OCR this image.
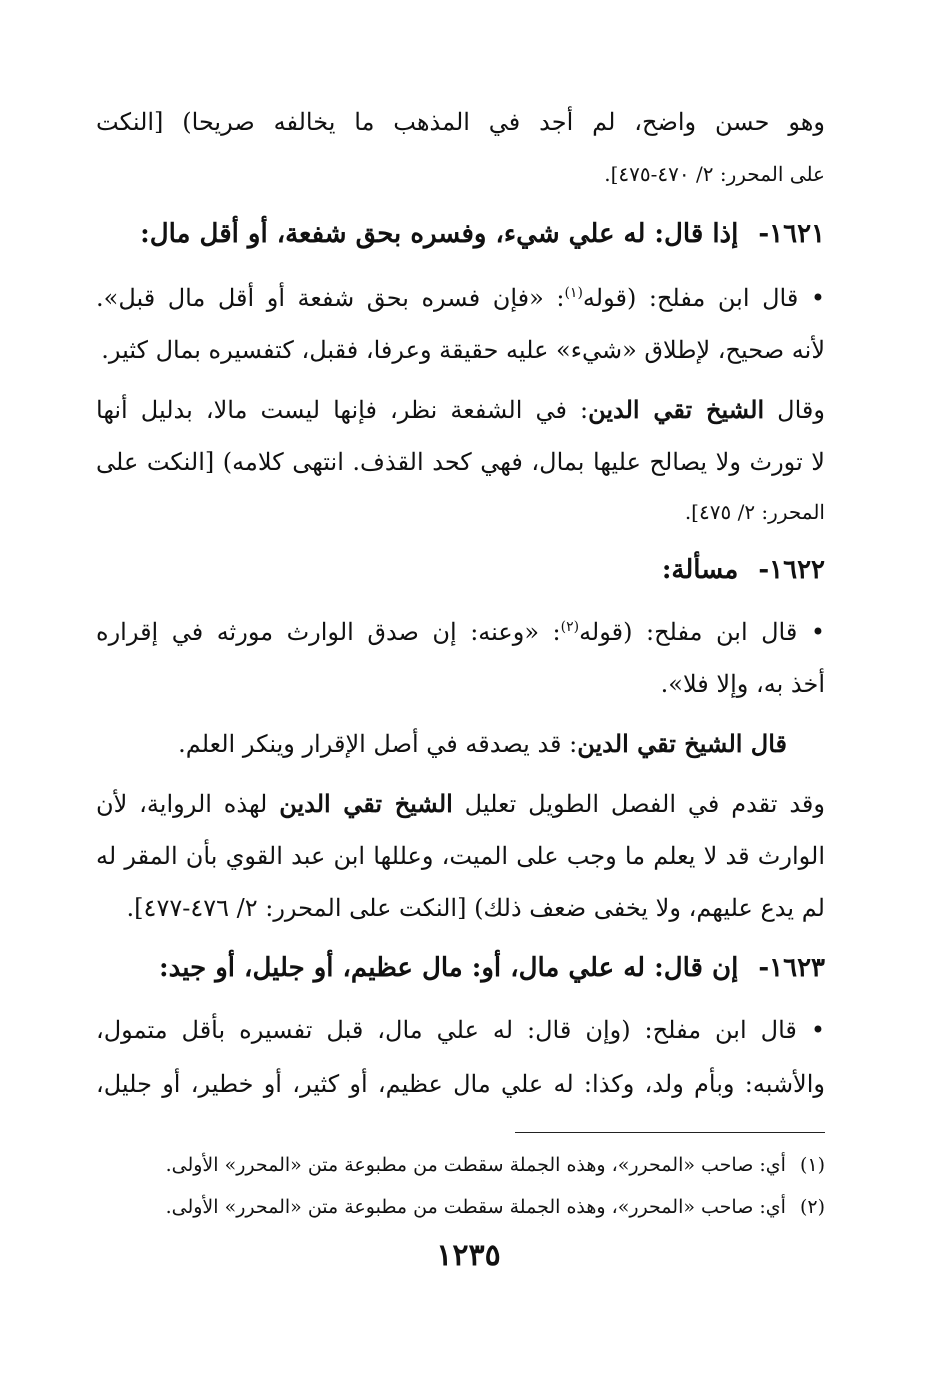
وهو حسن واضح، لم أجد في المذهب ما يخالفه صريحا) [النكت
على المحرر: ٢/ ٤٧٠-٤٧٥].
١٦٢١-إذا قال: له علي شيء، وفسره بحق شفعة، أو أقل مال:
• قال ابن مفلح: (قوله$^{(١)}$: «فإن فسره بحق شفعة أو أقل مال قبل».
لأنه صحيح، لإطلاق «شيء» عليه حقيقة وعرفا، فقبل، كتفسيره بمال كثير.
وقال الشيخ تقي الدين: في الشفعة نظر، فإنها ليست مالا، بدليل أنها
لا تورث ولا يصالح عليها بمال، فهي كحد القذف. انتهى كلامه) [النكت على
المحرر: ٢/ ٤٧٥].
١٦٢٢-مسألة:
• قال ابن مفلح: (قوله$^{(٢)}$: «وعنه: إن صدق الوارث مورثه في إقراره
أخذ به، وإلا فلا».
قال الشيخ تقي الدين: قد يصدقه في أصل الإقرار وينكر العلم.
وقد تقدم في الفصل الطويل تعليل الشيخ تقي الدين لهذه الرواية، لأن
الوارث قد لا يعلم ما وجب على الميت، وعللها ابن عبد القوي بأن المقر له
لم يدع عليهم، ولا يخفى ضعف ذلك) [النكت على المحرر: ٢/ ٤٧٦-٤٧٧].
١٦٢٣-إن قال: له علي مال، أو: مال عظيم، أو جليل، أو جيد:
• قال ابن مفلح: (وإن قال: له علي مال، قبل تفسيره بأقل متمول،
والأشبه: وبأم ولد، وكذا: له علي مال عظيم، أو كثير، أو خطير، أو جليل،
(١)أي: صاحب «المحرر»، وهذه الجملة سقطت من مطبوعة متن «المحرر» الأولى.
(٢)أي: صاحب «المحرر»، وهذه الجملة سقطت من مطبوعة متن «المحرر» الأولى.
١٢٣٥
